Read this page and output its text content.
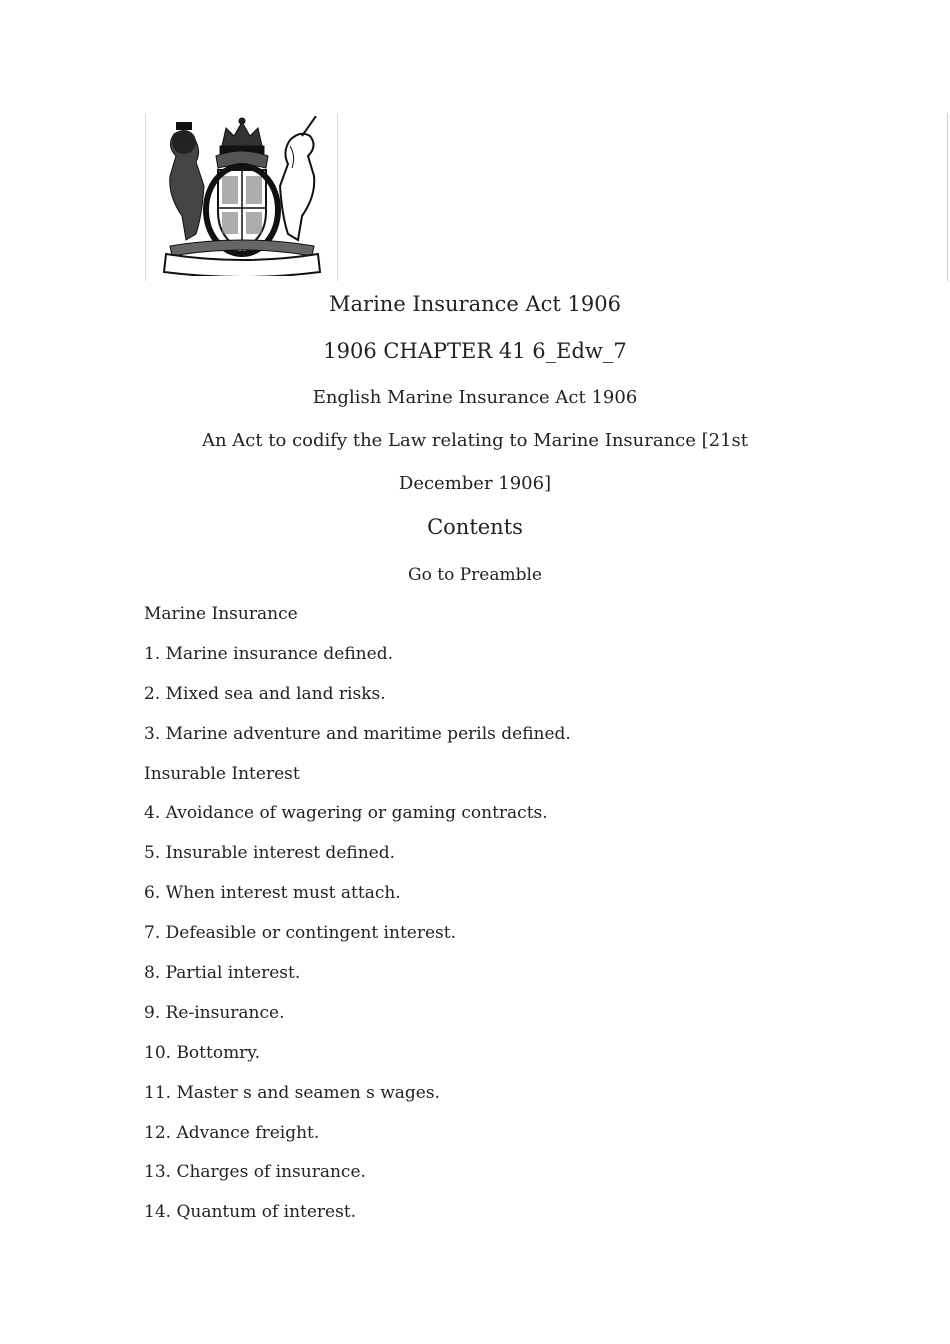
Marine Insurance Act 1906
1906 CHAPTER 41 6_Edw_7
English Marine Insurance Act 1906
An Act to codify the Law relating to Marine Insurance [21st
December 1906]
Contents
Go to Preamble
Marine Insurance
1. Marine insurance defined.
2. Mixed sea and land risks.
3. Marine adventure and maritime perils defined.
Insurable Interest
4. Avoidance of wagering or gaming contracts.
5. Insurable interest defined.
6. When interest must attach.
7. Defeasible or contingent interest.
8. Partial interest.
9. Re-insurance.
10. Bottomry.
11. Master s and seamen s wages.
12. Advance freight.
13. Charges of insurance.
14. Quantum of interest.
